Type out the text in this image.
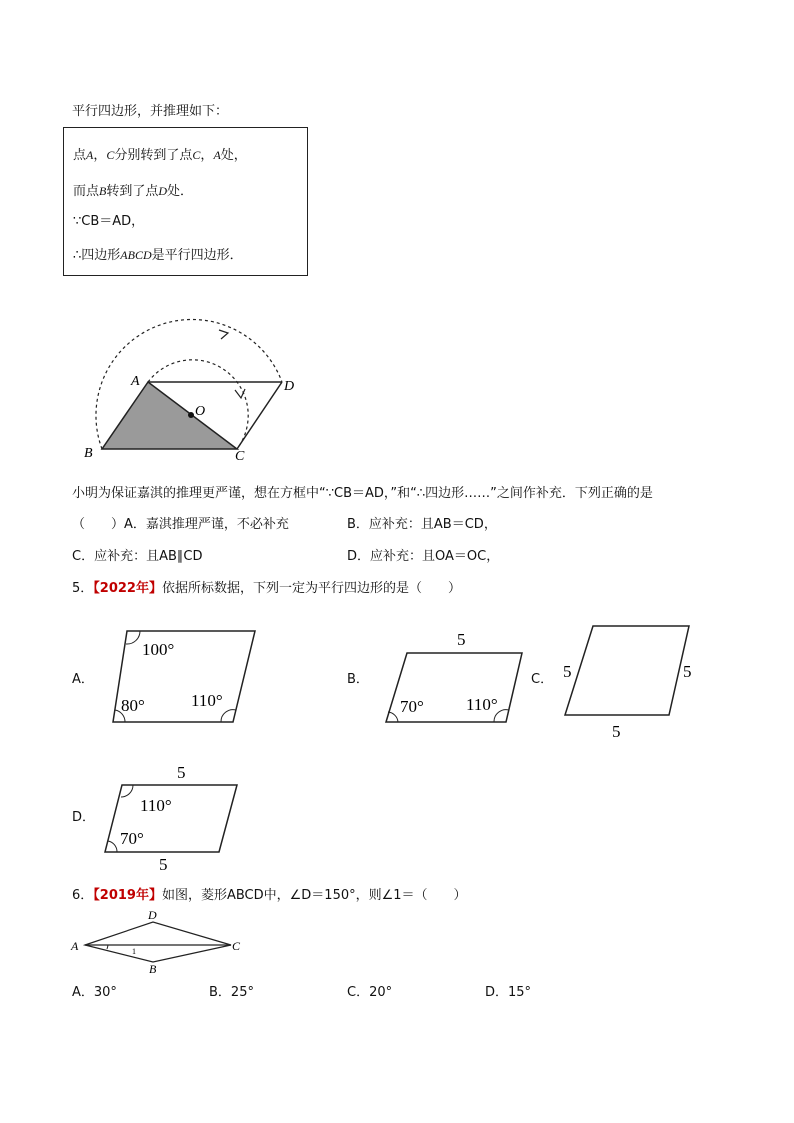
平行四边形，并推理如下：
点A，C分别转到了点C，A处，
而点B转到了点D处．
∵CB＝AD，
∴四边形ABCD是平行四边形．
A
B	C
D
O
小明为保证嘉淇的推理更严谨，想在方框中“∵CB＝AD，”和“∴四边形……”之间作补充．下列正确的是
（　　）A．嘉淇推理严谨，不必补充	B．应补充：且AB＝CD，
C．应补充：且AB∥CD	D．应补充：且OA＝OC，
5．【2022年】依据所标数据，下列一定为平行四边形的是（　　）
A．
100°
80°	110°
B．
5
70° 110°
C． 5	5
5
D．
5
110°
70°
5
6．【2019年】如图，菱形ABCD中，∠D＝150°，则∠1＝（　　）
D
A	C
B
1
A．30°	B．25°	C．20°	D．15°
